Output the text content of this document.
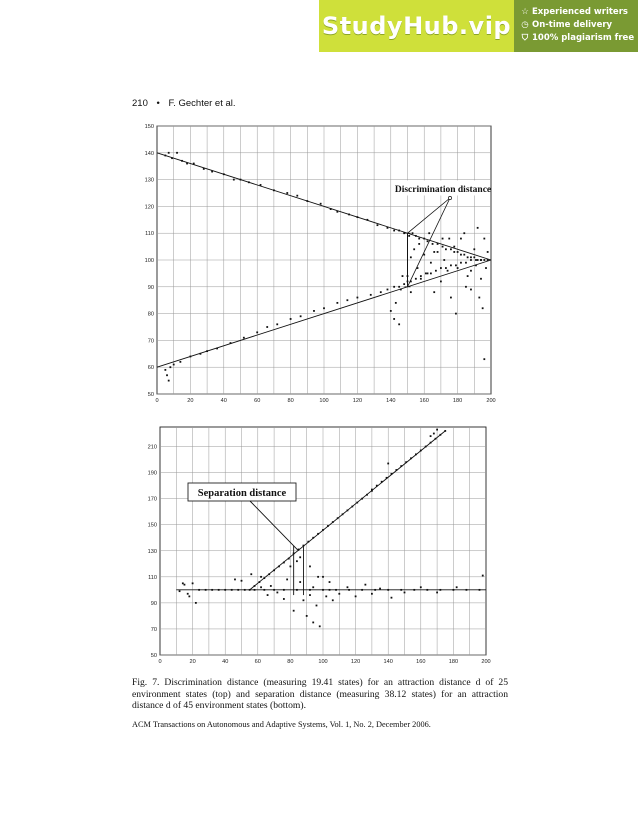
StudyHub.vip	☆ Experienced writers
◷ On-time delivery
⛉ 100% plagiarism free
210 • F. Gechter et al.
50
60
70
80
90
100
110
120
130
140
150
0	20	40	60	80	100	120	140	160	180	200
Discrimination distance
50
70
90
110
130
150
170
190
210
0	20	40	60	80	100	120	140	160	180	200
Separation distance
Fig. 7. Discrimination distance (measuring 19.41 states) for an attraction distance d of 25 environment states (top) and separation distance (measuring 38.12 states) for an attraction distance d of 45 environment states (bottom).
ACM Transactions on Autonomous and Adaptive Systems, Vol. 1, No. 2, December 2006.
